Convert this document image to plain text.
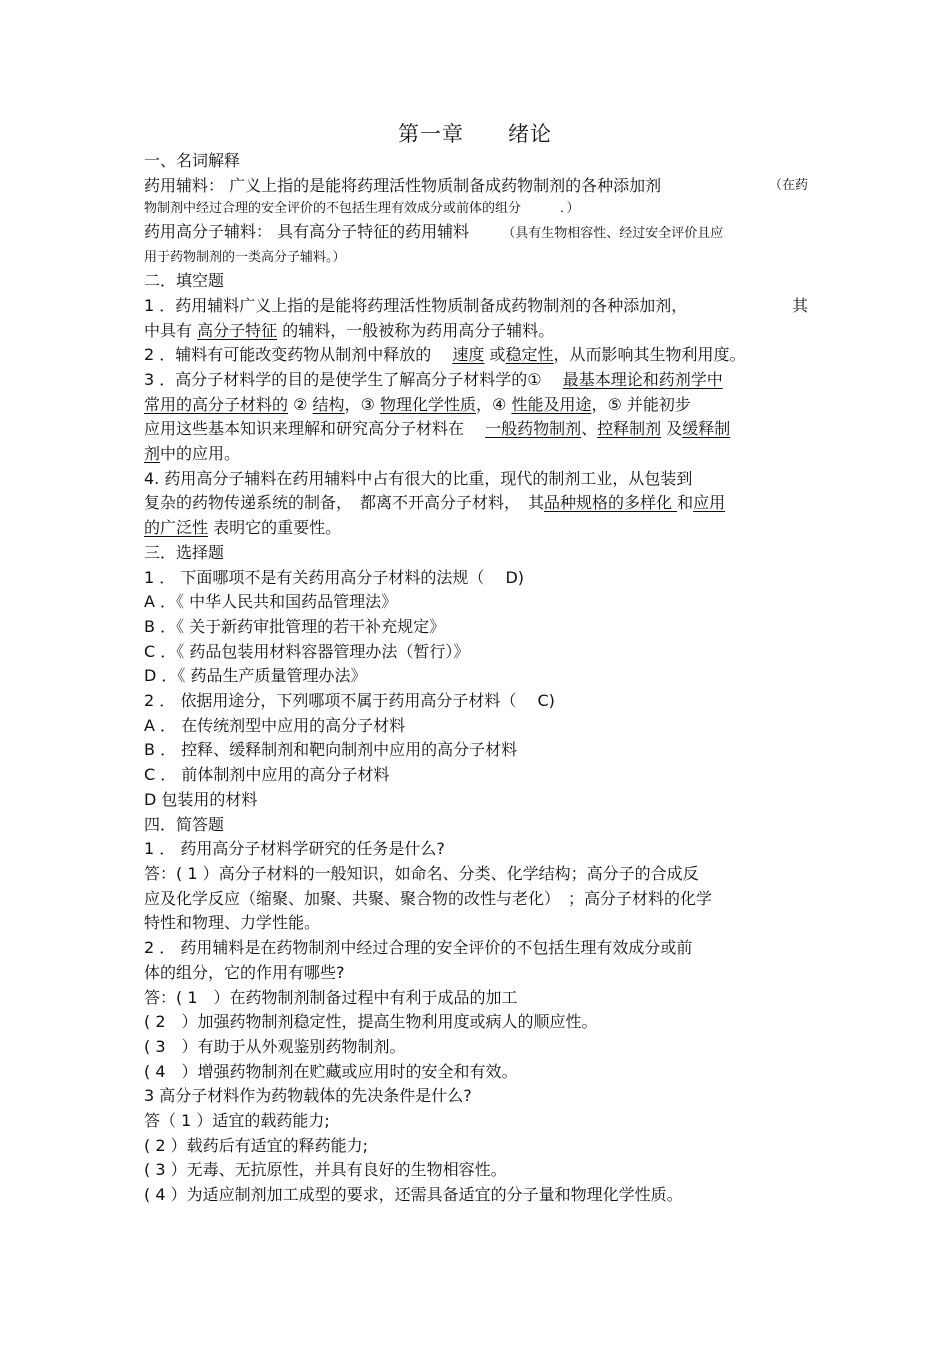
第一章　　绪论
一、名词解释
药用辅料： 广义上指的是能将药理活性物质制备成药物制剂的各种添加剂	（在药
物制剂中经过合理的安全评价的不包括生理有效成分或前体的组分　　　．）
药用高分子辅料： 具有高分子特征的药用辅料	（具有生物相容性、经过安全评价且应
用于药物制剂的一类高分子辅料。）
二．填空题
1 ．药用辅料广义上指的是能将药理活性物质制备成药物制剂的各种添加剂，	其
中具有 高分子特征 的辅料，一般被称为药用高分子辅料。
2 ．辅料有可能改变药物从制剂中释放的　 速度 或稳定性，从而影响其生物利用度。
3 ．高分子材料学的目的是使学生了解高分子材料学的①　 最基本理论和药剂学中
常用的高分子材料的 ② 结构，③ 物理化学性质，④ 性能及用途，⑤ 并能初步
应用这些基本知识来理解和研究高分子材料在　 一般药物制剂、控释制剂 及缓释制
剂中的应用。
4. 药用高分子辅料在药用辅料中占有很大的比重，现代的制剂工业，从包装到
复杂的药物传递系统的制备，　都离不开高分子材料，　其品种规格的多样化 和应用
的广泛性 表明它的重要性。
三．选择题
1 ． 下面哪项不是有关药用高分子材料的法规（　 D)
A ．《 中华人民共和国药品管理法》
B ．《 关于新药审批管理的若干补充规定》
C ．《 药品包装用材料容器管理办法（暂行）》
D ．《 药品生产质量管理办法》
2 ． 依据用途分，下列哪项不属于药用高分子材料（　 C)
A ． 在传统剂型中应用的高分子材料
B ． 控释、缓释制剂和靶向制剂中应用的高分子材料
C ． 前体制剂中应用的高分子材料
D 包装用的材料
四．简答题
1 ． 药用高分子材料学研究的任务是什么?
答：( 1 ）高分子材料的一般知识，如命名、分类、化学结构；高分子的合成反
应及化学反应（缩聚、加聚、共聚、聚合物的改性与老化）　；高分子材料的化学
特性和物理、力学性能。
2 ． 药用辅料是在药物制剂中经过合理的安全评价的不包括生理有效成分或前
体的组分，它的作用有哪些?
答：( 1　）在药物制剂制备过程中有利于成品的加工
( 2　）加强药物制剂稳定性，提高生物利用度或病人的顺应性。
( 3　）有助于从外观鉴别药物制剂。
( 4　）增强药物制剂在贮藏或应用时的安全和有效。
3 高分子材料作为药物载体的先决条件是什么?
答（ 1 ）适宜的载药能力;
( 2 ）载药后有适宜的释药能力;
( 3 ）无毒、无抗原性，并具有良好的生物相容性。
( 4 ）为适应制剂加工成型的要求，还需具备适宜的分子量和物理化学性质。
